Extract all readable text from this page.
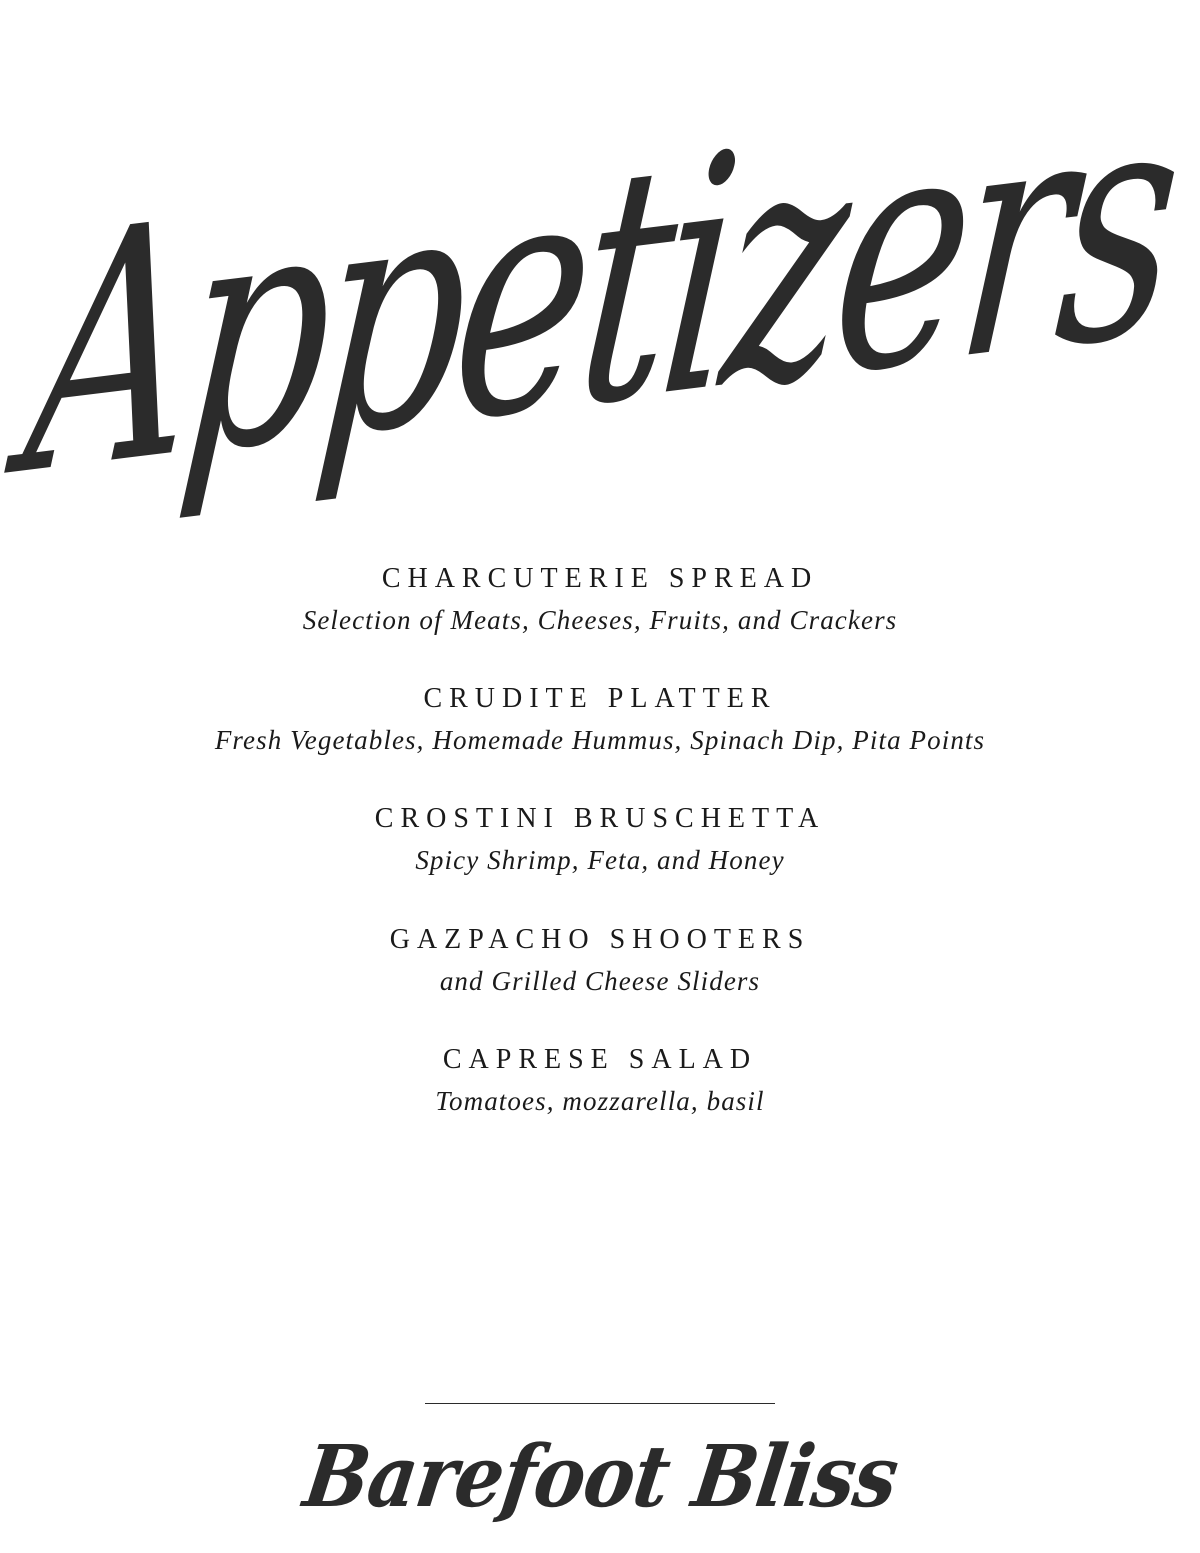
Appetizers
CHARCUTERIE SPREAD
Selection of Meats, Cheeses, Fruits, and Crackers
CRUDITE PLATTER
Fresh Vegetables, Homemade Hummus, Spinach Dip, Pita Points
CROSTINI BRUSCHETTA
Spicy Shrimp, Feta, and Honey
GAZPACHO SHOOTERS
and Grilled Cheese Sliders
CAPRESE SALAD
Tomatoes, mozzarella, basil
Barefoot Bliss
